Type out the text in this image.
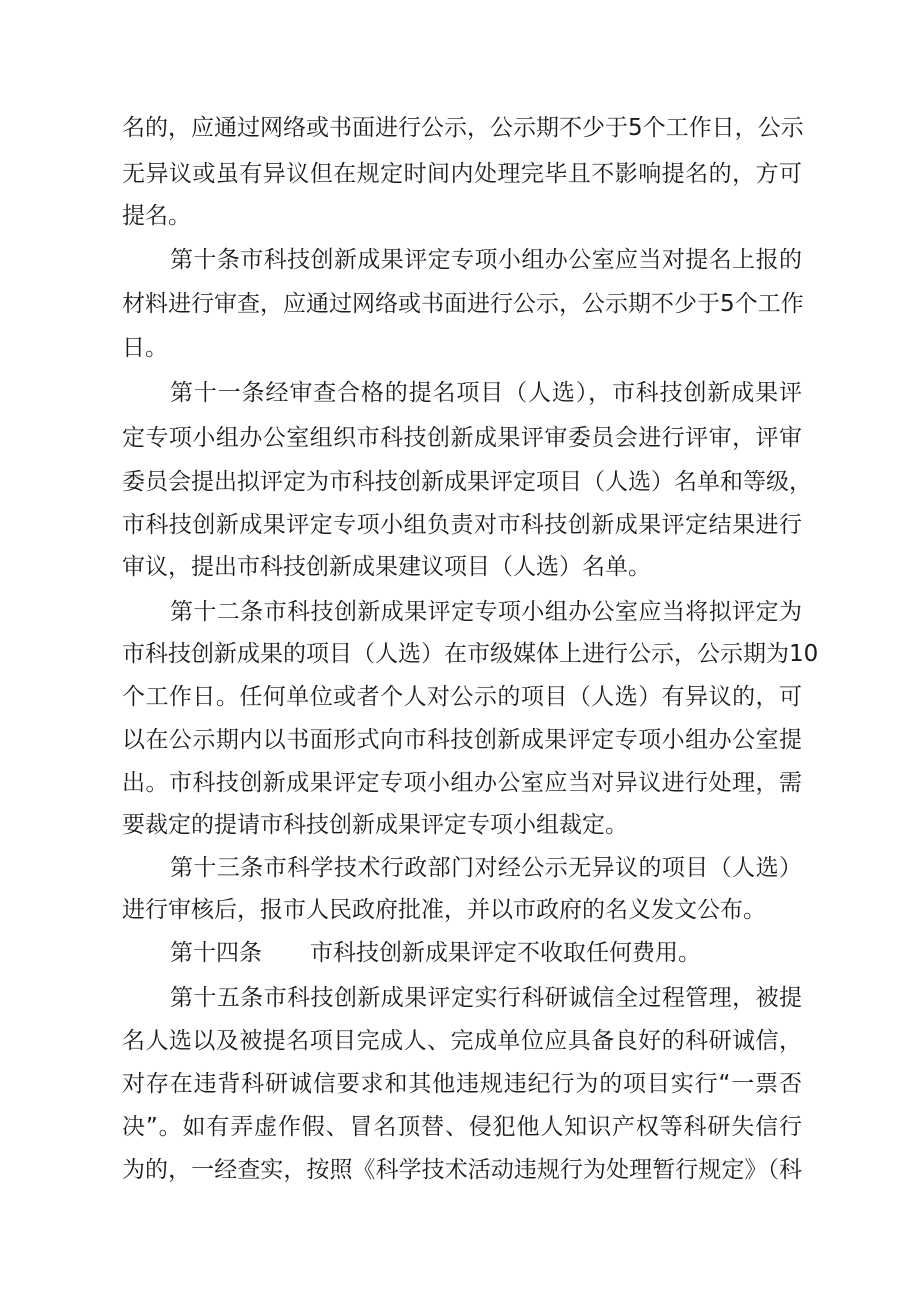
名的，应通过网络或书面进行公示，公示期不少于5个工作日，公示
无异议或虽有异议但在规定时间内处理完毕且不影响提名的，方可
提名。
第十条市科技创新成果评定专项小组办公室应当对提名上报的
材料进行审查，应通过网络或书面进行公示，公示期不少于5个工作
日。
第十一条经审查合格的提名项目（人选），市科技创新成果评
定专项小组办公室组织市科技创新成果评审委员会进行评审，评审
委员会提出拟评定为市科技创新成果评定项目（人选）名单和等级，
市科技创新成果评定专项小组负责对市科技创新成果评定结果进行
审议，提出市科技创新成果建议项目（人选）名单。
第十二条市科技创新成果评定专项小组办公室应当将拟评定为
市科技创新成果的项目（人选）在市级媒体上进行公示，公示期为10
个工作日。任何单位或者个人对公示的项目（人选）有异议的，可
以在公示期内以书面形式向市科技创新成果评定专项小组办公室提
出。市科技创新成果评定专项小组办公室应当对异议进行处理，需
要裁定的提请市科技创新成果评定专项小组裁定。
第十三条市科学技术行政部门对经公示无异议的项目（人选）
进行审核后，报市人民政府批准，并以市政府的名义发文公布。
第十四条 市科技创新成果评定不收取任何费用。
第十五条市科技创新成果评定实行科研诚信全过程管理，被提
名人选以及被提名项目完成人、完成单位应具备良好的科研诚信，
对存在违背科研诚信要求和其他违规违纪行为的项目实行“一票否
决”。如有弄虚作假、冒名顶替、侵犯他人知识产权等科研失信行
为的，一经查实，按照《科学技术活动违规行为处理暂行规定》（科
